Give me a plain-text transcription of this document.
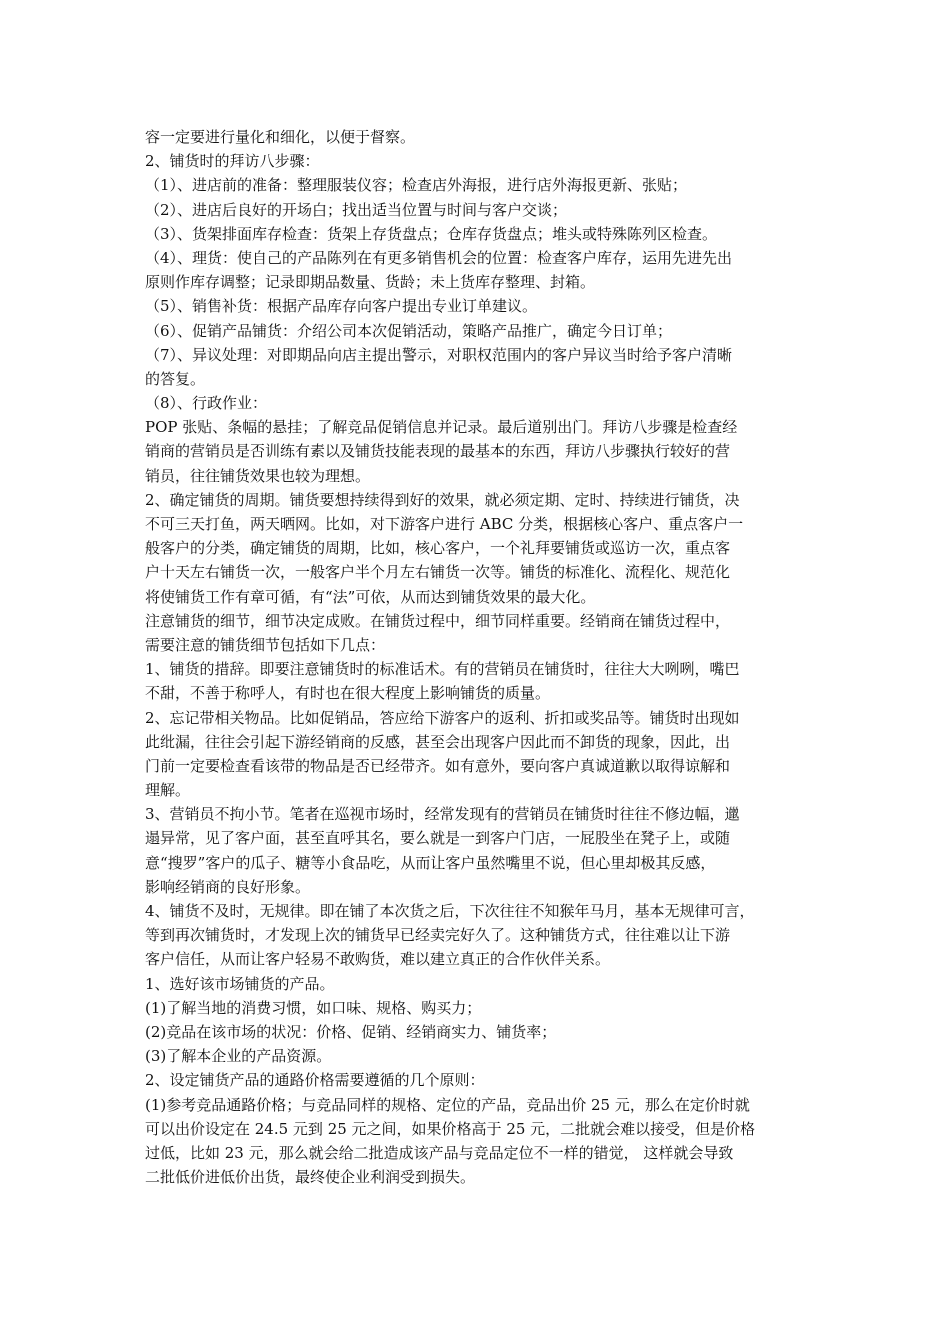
容一定要进行量化和细化，以便于督察。
2、铺货时的拜访八步骤：
（1）、进店前的准备：整理服装仪容；检查店外海报，进行店外海报更新、张贴；
（2）、进店后良好的开场白；找出适当位置与时间与客户交谈；
（3）、货架排面库存检查：货架上存货盘点；仓库存货盘点；堆头或特殊陈列区检查。
（4）、理货：使自己的产品陈列在有更多销售机会的位置：检查客户库存，运用先进先出
原则作库存调整；记录即期品数量、货龄；未上货库存整理、封箱。
（5）、销售补货：根据产品库存向客户提出专业订单建议。
（6）、促销产品铺货：介绍公司本次促销活动，策略产品推广，确定今日订单；
（7）、异议处理：对即期品向店主提出警示，对职权范围内的客户异议当时给予客户清晰
的答复。
（8）、行政作业：
POP 张贴、条幅的悬挂；了解竞品促销信息并记录。最后道别出门。拜访八步骤是检查经
销商的营销员是否训练有素以及铺货技能表现的最基本的东西，拜访八步骤执行较好的营
销员，往往铺货效果也较为理想。
2、确定铺货的周期。铺货要想持续得到好的效果，就必须定期、定时、持续进行铺货，决
不可三天打鱼，两天晒网。比如，对下游客户进行 ABC 分类，根据核心客户、重点客户一
般客户的分类，确定铺货的周期，比如，核心客户，一个礼拜要铺货或巡访一次，重点客
户十天左右铺货一次，一般客户半个月左右铺货一次等。铺货的标准化、流程化、规范化
将使铺货工作有章可循，有“法”可依，从而达到铺货效果的最大化。
注意铺货的细节，细节决定成败。在铺货过程中，细节同样重要。经销商在铺货过程中，
需要注意的铺货细节包括如下几点：
1、铺货的措辞。即要注意铺货时的标准话术。有的营销员在铺货时，往往大大咧咧，嘴巴
不甜，不善于称呼人，有时也在很大程度上影响铺货的质量。
2、忘记带相关物品。比如促销品，答应给下游客户的返利、折扣或奖品等。铺货时出现如
此纰漏，往往会引起下游经销商的反感，甚至会出现客户因此而不卸货的现象，因此，出
门前一定要检查看该带的物品是否已经带齐。如有意外，要向客户真诚道歉以取得谅解和
理解。
3、营销员不拘小节。笔者在巡视市场时，经常发现有的营销员在铺货时往往不修边幅，邋
遢异常，见了客户面，甚至直呼其名，要么就是一到客户门店，一屁股坐在凳子上，或随
意“搜罗”客户的瓜子、糖等小食品吃，从而让客户虽然嘴里不说，但心里却极其反感，
影响经销商的良好形象。
4、铺货不及时，无规律。即在铺了本次货之后，下次往往不知猴年马月，基本无规律可言，
等到再次铺货时，才发现上次的铺货早已经卖完好久了。这种铺货方式，往往难以让下游
客户信任，从而让客户轻易不敢购货，难以建立真正的合作伙伴关系。
1、选好该市场铺货的产品。
(1)了解当地的消费习惯，如口味、规格、购买力；
(2)竞品在该市场的状况：价格、促销、经销商实力、铺货率；
(3)了解本企业的产品资源。
2、设定铺货产品的通路价格需要遵循的几个原则：
(1)参考竞品通路价格；与竞品同样的规格、定位的产品，竞品出价 25 元，那么在定价时就
可以出价设定在 24.5 元到 25 元之间，如果价格高于 25 元，二批就会难以接受，但是价格
过低，比如 23 元，那么就会给二批造成该产品与竞品定位不一样的错觉， 这样就会导致
二批低价进低价出货，最终使企业利润受到损失。
